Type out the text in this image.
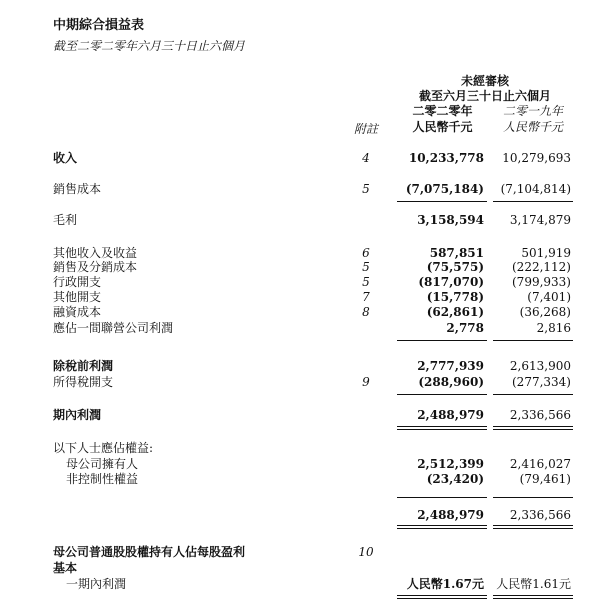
中期綜合損益表
截至二零二零年六月三十日止六個月
未經審核
截至六月三十日止六個月
二零二零年	二零一九年
附註	人民幣千元	人民幣千元
收入	4	10,233,778 10,279,693
銷售成本	5	(7,075,184) (7,104,814)
毛利	3,158,594 3,174,879
其他收入及收益	6	587,851	501,919
銷售及分銷成本	5	(75,575) (222,112)
行政開支	5	(817,070) (799,933)
其他開支	7	(15,778)	(7,401)
融資成本	8	(62,861)	(36,268)
應佔一間聯營公司利潤	2,778	2,816
除稅前利潤	2,777,939 2,613,900
所得稅開支	9	(288,960) (277,334)
期內利潤	2,488,979 2,336,566
以下人士應佔權益:
母公司擁有人	2,512,399 2,416,027
非控制性權益	(23,420)	(79,461)
2,488,979 2,336,566
母公司普通股股權持有人佔每股盈利	10
基本
一期內利潤	人民幣1.67元 人民幣1.61元
